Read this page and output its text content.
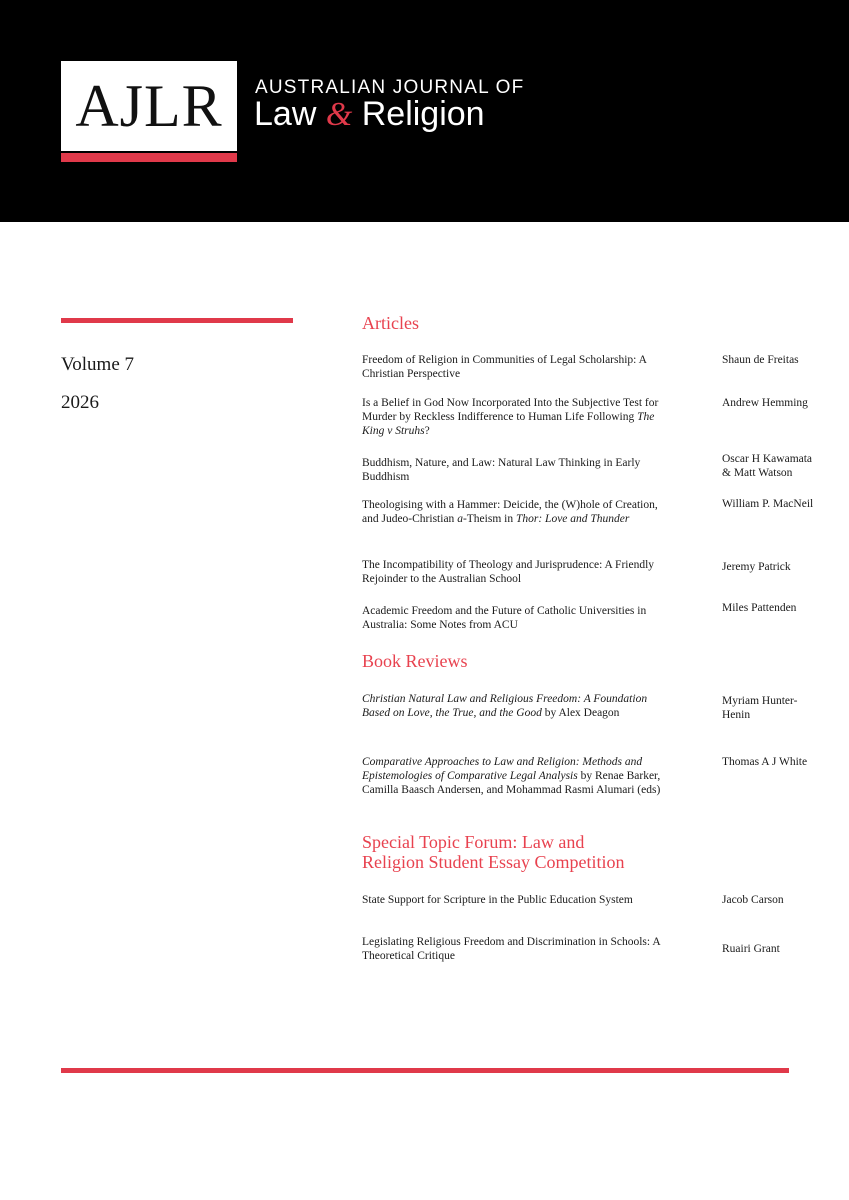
AJLR	AUSTRALIAN JOURNAL OF
Law & Religion
Volume 7
2026
Articles
Freedom of Religion in Communities of Legal Scholarship: A Christian Perspective
Shaun de Freitas
Is a Belief in God Now Incorporated Into the Subjective Test for Murder by Reckless Indifference to Human Life Following The King v Struhs?
Andrew Hemming
Buddhism, Nature, and Law: Natural Law Thinking in Early Buddhism
Oscar H Kawamata
& Matt Watson
Theologising with a Hammer: Deicide, the (W)hole of Creation, and Judeo-Christian a-Theism in Thor: Love and Thunder
William P. MacNeil
The Incompatibility of Theology and Jurisprudence: A Friendly Rejoinder to the Australian School
Jeremy Patrick
Academic Freedom and the Future of Catholic Universities in Australia: Some Notes from ACU
Miles Pattenden
Book Reviews
Christian Natural Law and Religious Freedom: A Foundation Based on Love, the True, and the Good by Alex Deagon
Myriam Hunter-Henin
Comparative Approaches to Law and Religion: Methods and Epistemologies of Comparative Legal Analysis by Renae Barker, Camilla Baasch Andersen, and Mohammad Rasmi Alumari (eds)
Thomas A J White
Special Topic Forum: Law and
Religion Student Essay Competition
State Support for Scripture in the Public Education System	Jacob Carson
Legislating Religious Freedom and Discrimination in Schools: A Theoretical Critique
Ruairi Grant
